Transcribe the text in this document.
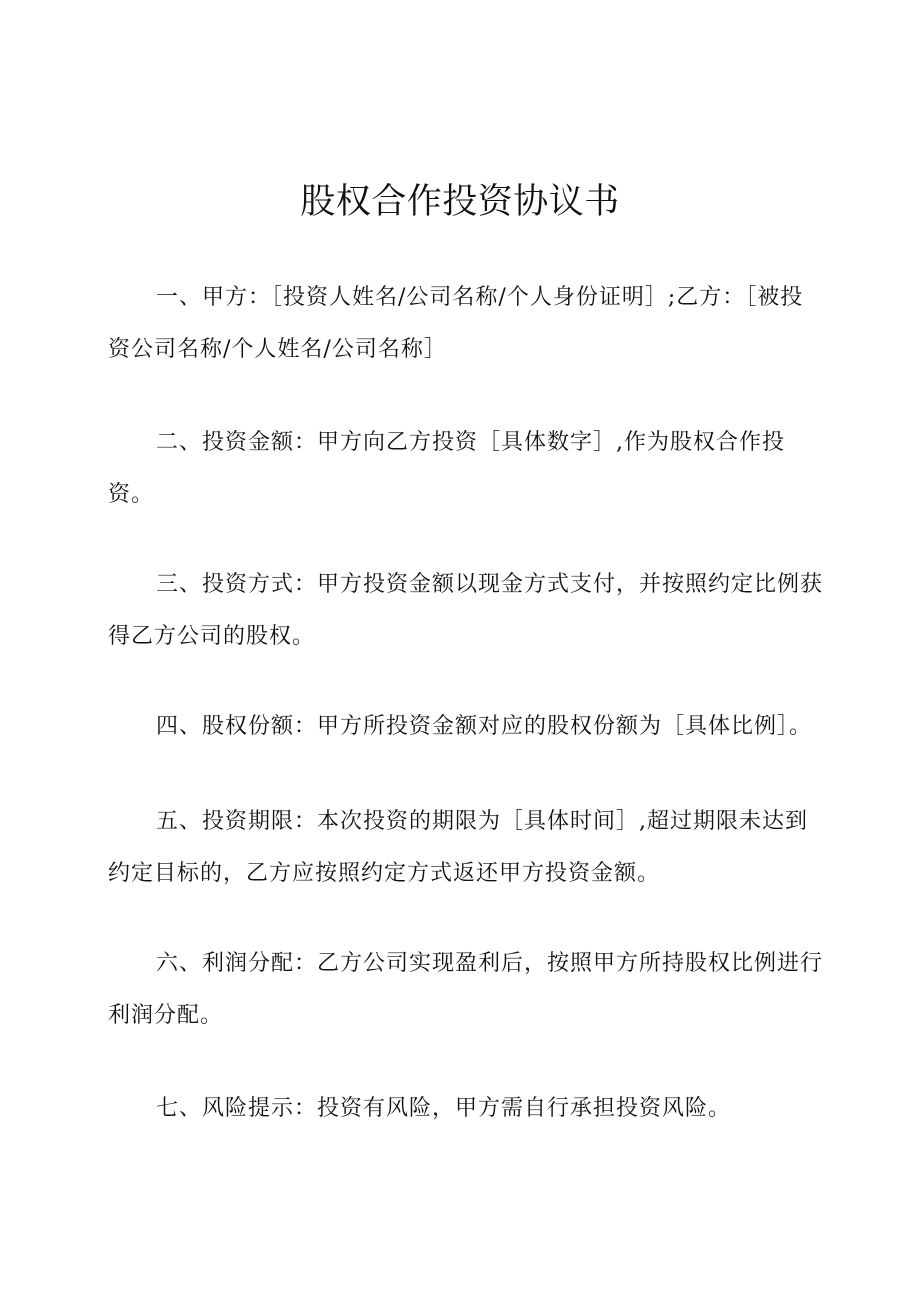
股权合作投资协议书

一、甲方：［投资人姓名/公司名称/个人身份证明］;乙方：［被投资公司名称/个人姓名/公司名称］

二、投资金额：甲方向乙方投资［具体数字］,作为股权合作投资。

三、投资方式：甲方投资金额以现金方式支付，并按照约定比例获得乙方公司的股权。

四、股权份额：甲方所投资金额对应的股权份额为［具体比例］。

五、投资期限：本次投资的期限为［具体时间］,超过期限未达到约定目标的，乙方应按照约定方式返还甲方投资金额。

六、利润分配：乙方公司实现盈利后，按照甲方所持股权比例进行利润分配。

七、风险提示：投资有风险，甲方需自行承担投资风险。
